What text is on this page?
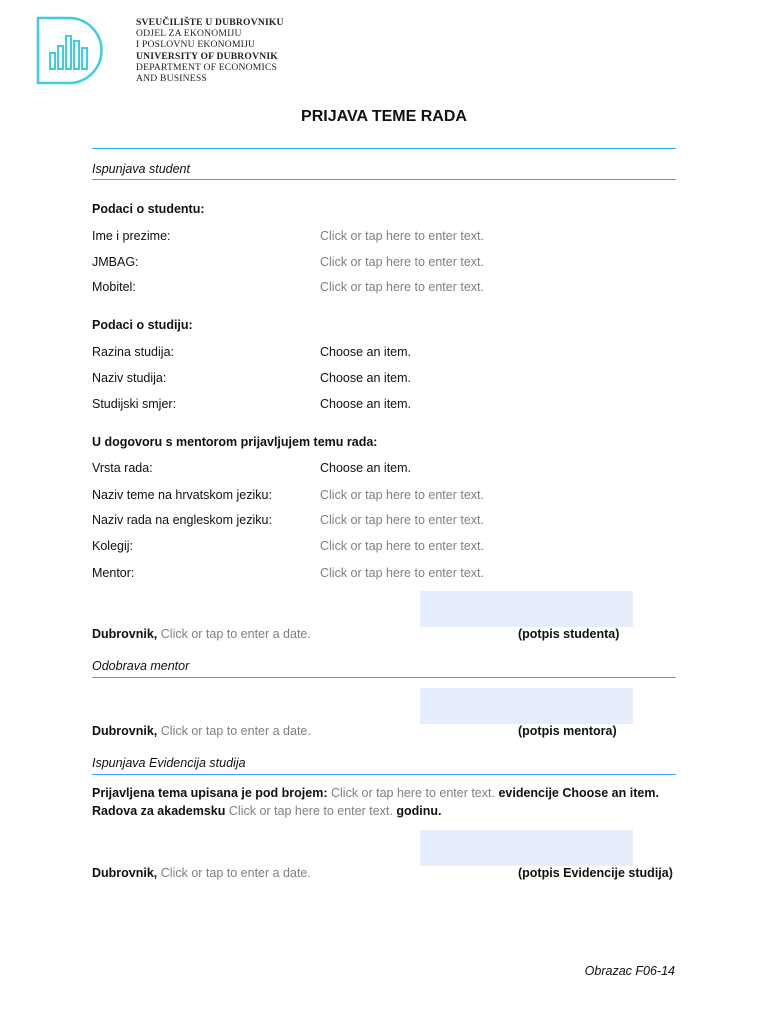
SVEUČILIŠTE U DUBROVNIKU
ODJEL ZA EKONOMIJU
I POSLOVNU EKONOMIJU
UNIVERSITY OF DUBROVNIK
DEPARTMENT OF ECONOMICS
AND BUSINESS
PRIJAVA TEME RADA
Ispunjava student
Podaci o studentu:
Ime i prezime:	Click or tap here to enter text.
JMBAG:	Click or tap here to enter text.
Mobitel:	Click or tap here to enter text.
Podaci o studiju:
Razina studija:	Choose an item.
Naziv studija:	Choose an item.
Studijski smjer:	Choose an item.
U dogovoru s mentorom prijavljujem temu rada:
Vrsta rada:	Choose an item.
Naziv teme na hrvatskom jeziku:	Click or tap here to enter text.
Naziv rada na engleskom jeziku:	Click or tap here to enter text.
Kolegij:	Click or tap here to enter text.
Mentor:	Click or tap here to enter text.
Dubrovnik, Click or tap to enter a date.	(potpis studenta)
Odobrava mentor
Dubrovnik, Click or tap to enter a date.	(potpis mentora)
Ispunjava Evidencija studija
Prijavljena tema upisana je pod brojem: Click or tap here to enter text. evidencije Choose an item.
Radova za akademsku Click or tap here to enter text. godinu.
Dubrovnik, Click or tap to enter a date.	(potpis Evidencije studija)
Obrazac F06-14
